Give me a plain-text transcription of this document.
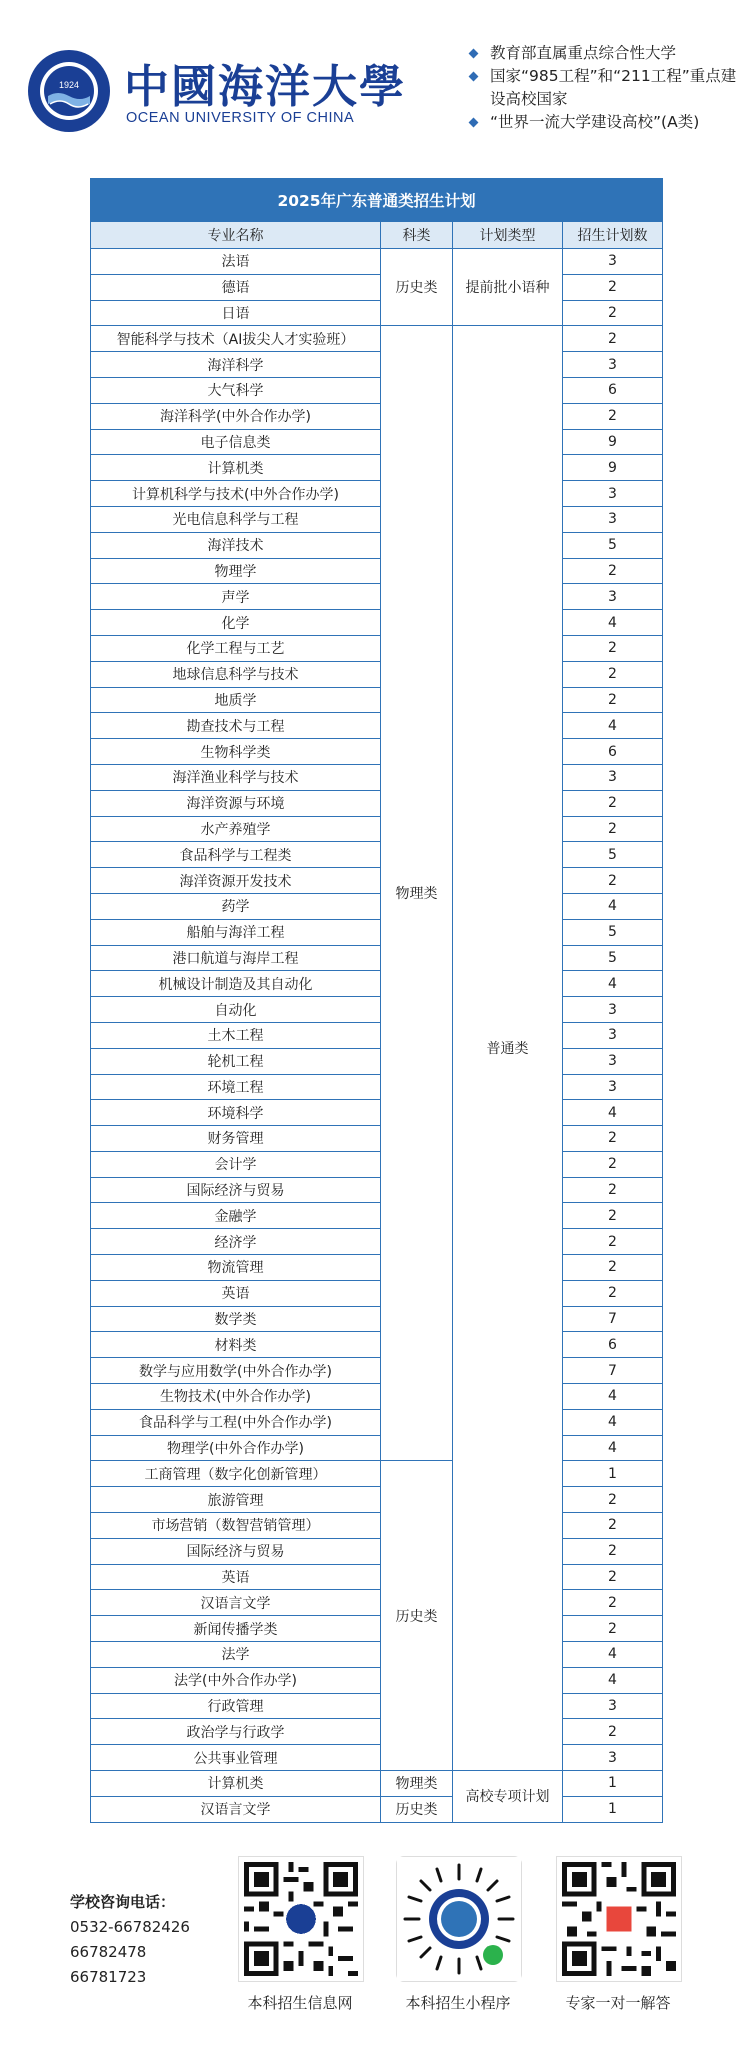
1924 中國海洋大學
OCEAN UNIVERSITY OF CHINA
教育部直属重点综合性大学
国家“985工程”和“211工程”重点建设高校国家
“世界一流大学建设高校”(A类)
2025年广东普通类招生计划			
专业名称	科类	计划类型	招生计划数
法语	历史类	提前批小语种	3
德语			2
日语			2
智能科学与技术（AI拔尖人才实验班）	物理类	普通类	2
海洋科学			3
大气科学			6
海洋科学(中外合作办学)			2
电子信息类			9
计算机类			9
计算机科学与技术(中外合作办学)			3
光电信息科学与工程			3
海洋技术			5
物理学			2
声学			3
化学			4
化学工程与工艺			2
地球信息科学与技术			2
地质学			2
勘查技术与工程			4
生物科学类			6
海洋渔业科学与技术			3
海洋资源与环境			2
水产养殖学			2
食品科学与工程类			5
海洋资源开发技术			2
药学			4
船舶与海洋工程			5
港口航道与海岸工程			5
机械设计制造及其自动化			4
自动化			3
土木工程			3
轮机工程			3
环境工程			3
环境科学			4
财务管理			2
会计学			2
国际经济与贸易			2
金融学			2
经济学			2
物流管理			2
英语			2
数学类			7
材料类			6
数学与应用数学(中外合作办学)			7
生物技术(中外合作办学)			4
食品科学与工程(中外合作办学)			4
物理学(中外合作办学)			4
工商管理（数字化创新管理）	历史类		1
旅游管理			2
市场营销（数智营销管理）			2
国际经济与贸易			2
英语			2
汉语言文学			2
新闻传播学类			2
法学			4
法学(中外合作办学)			4
行政管理			3
政治学与行政学			2
公共事业管理			3
计算机类	物理类	高校专项计划	1
汉语言文学	历史类		1
学校咨询电话：
0532-66782426
66782478
66781723
本科招生信息网	本科招生小程序	专家一对一解答
